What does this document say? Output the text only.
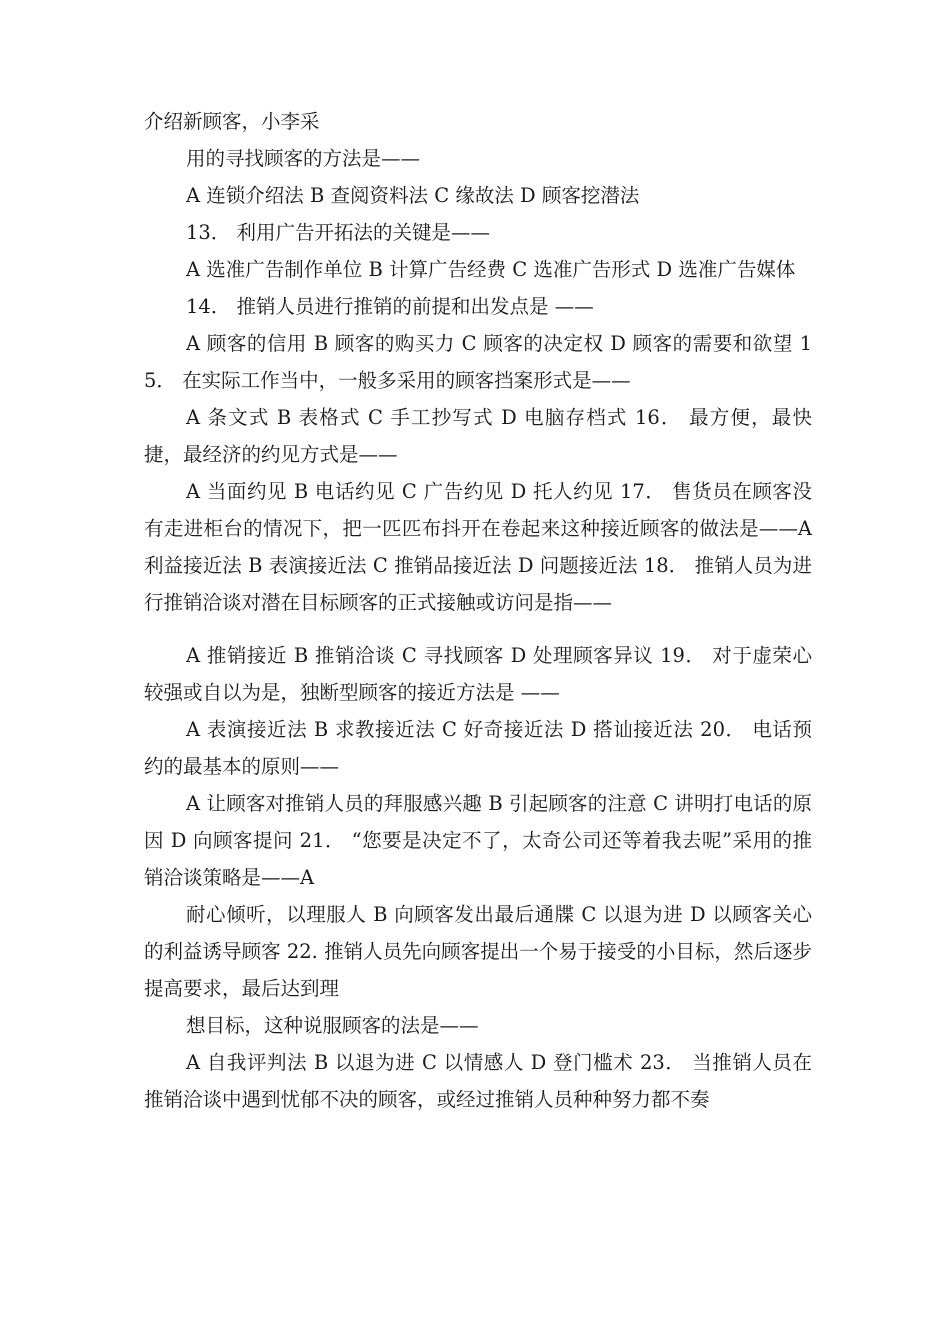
介绍新顾客，小李采

用的寻找顾客的方法是——

A 连锁介绍法 B 查阅资料法 C 缘故法 D 顾客挖潜法

13． 利用广告开拓法的关键是——

A 选准广告制作单位 B 计算广告经费 C 选准广告形式 D 选准广告媒体

14． 推销人员进行推销的前提和出发点是 ——

A 顾客的信用 B 顾客的购买力 C 顾客的决定权 D 顾客的需要和欲望 15． 在实际工作当中，一般多采用的顾客挡案形式是——

A 条文式 B 表格式 C 手工抄写式 D 电脑存档式 16． 最方便，最快捷，最经济的约见方式是——

A 当面约见 B 电话约见 C 广告约见 D 托人约见 17． 售货员在顾客没有走进柜台的情况下，把一匹匹布抖开在卷起来这种接近顾客的做法是——A 利益接近法 B 表演接近法 C 推销品接近法 D 问题接近法 18． 推销人员为进行推销洽谈对潜在目标顾客的正式接触或访问是指——

A 推销接近 B 推销洽谈 C 寻找顾客 D 处理顾客异议 19． 对于虚荣心较强或自以为是，独断型顾客的接近方法是 ——

A 表演接近法 B 求教接近法 C 好奇接近法 D 搭讪接近法 20． 电话预约的最基本的原则——

A 让顾客对推销人员的拜服感兴趣 B 引起顾客的注意 C 讲明打电话的原因 D 向顾客提问 21． “您要是决定不了，太奇公司还等着我去呢”采用的推销洽谈策略是——A

耐心倾听，以理服人 B 向顾客发出最后通牒 C 以退为进 D 以顾客关心的利益诱导顾客 22. 推销人员先向顾客提出一个易于接受的小目标，然后逐步提高要求，最后达到理

想目标，这种说服顾客的法是——

A 自我评判法 B 以退为进 C 以情感人 D 登门槛术 23． 当推销人员在推销洽谈中遇到忧郁不决的顾客，或经过推销人员种种努力都不奏
